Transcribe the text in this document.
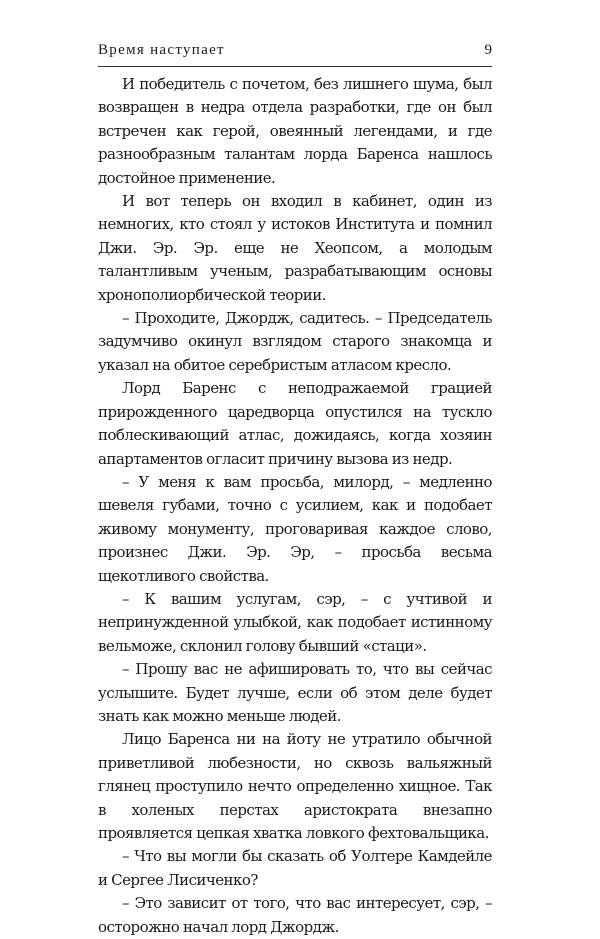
Время наступает	9

И победитель с почетом, без лишнего шума, был возвращен в недра отдела разработки, где он был встречен как герой, овеянный легендами, и где разнообразным талантам лорда Баренса нашлось достойное применение.

И вот теперь он входил в кабинет, один из немногих, кто стоял у истоков Института и помнил Джи. Эр. Эр. еще не Хеопсом, а молодым талантливым ученым, разрабатывающим основы хронополиорбической теории.

– Проходите, Джордж, садитесь. – Председатель задумчиво окинул взглядом старого знакомца и указал на обитое серебристым атласом кресло.

Лорд Баренс с неподражаемой грацией прирожденного царедворца опустился на тускло поблескивающий атлас, дожидаясь, когда хозяин апартаментов огласит причину вызова из недр.

– У меня к вам просьба, милорд, – медленно шевеля губами, точно с усилием, как и подобает живому монументу, проговаривая каждое слово, произнес Джи. Эр. Эр, – просьба весьма щекотливого свойства.

– К вашим услугам, сэр, – с учтивой и непринужденной улыбкой, как подобает истинному вельможе, склонил голову бывший «стаци».

– Прошу вас не афишировать то, что вы сейчас услышите. Будет лучше, если об этом деле будет знать как можно меньше людей.

Лицо Баренса ни на йоту не утратило обычной приветливой любезности, но сквозь вальяжный глянец проступило нечто определенно хищное. Так в холеных перстах аристократа внезапно проявляется цепкая хватка ловкого фехтовальщика.

– Что вы могли бы сказать об Уолтере Камдейле и Сергее Лисиченко?

– Это зависит от того, что вас интересует, сэр, – осторожно начал лорд Джордж.
